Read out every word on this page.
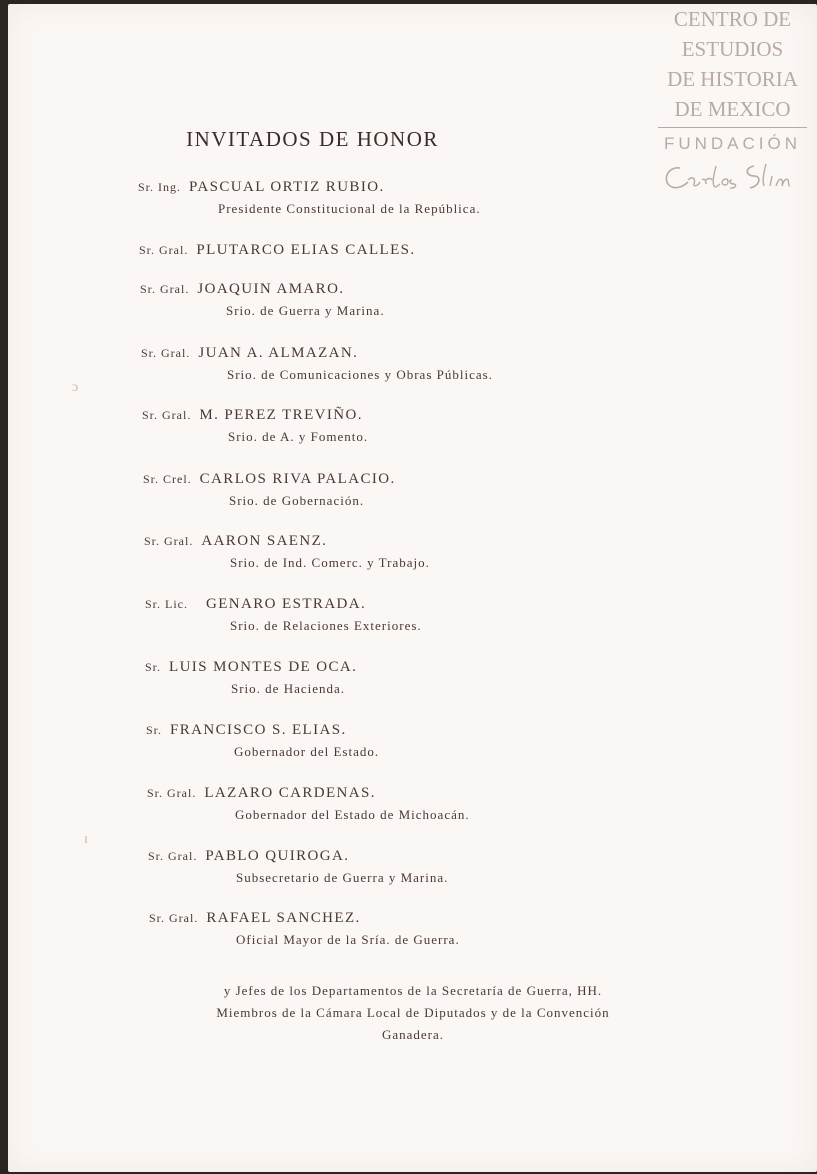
INVITADOS DE HONOR
Sr. Ing. PASCUAL ORTIZ RUBIO.
Presidente Constitucional de la República.
Sr. Gral. PLUTARCO ELIAS CALLES.
Sr. Gral. JOAQUIN AMARO.
Srio. de Guerra y Marina.
Sr. Gral. JUAN A. ALMAZAN.
Srio. de Comunicaciones y Obras Públicas.
Sr. Gral. M. PEREZ TREVIÑO.
Srio. de A. y Fomento.
Sr. Crel. CARLOS RIVA PALACIO.
Srio. de Gobernación.
Sr. Gral. AARON SAENZ.
Srio. de Ind. Comerc. y Trabajo.
Sr. Lic. GENARO ESTRADA.
Srio. de Relaciones Exteriores.
Sr. LUIS MONTES DE OCA.
Srio. de Hacienda.
Sr. FRANCISCO S. ELIAS.
Gobernador del Estado.
Sr. Gral. LAZARO CARDENAS.
Gobernador del Estado de Michoacán.
Sr. Gral. PABLO QUIROGA.
Subsecretario de Guerra y Marina.
Sr. Gral. RAFAEL SANCHEZ.
Oficial Mayor de la Sría. de Guerra.
y Jefes de los Departamentos de la Secretaría de Guerra, HH.
Miembros de la Cámara Local de Diputados y de la Convención
Ganadera.
ɔ
ɪ
CENTRO DE
ESTUDIOS
DE HISTORIA
DE MEXICO
FUNDACIÓN
